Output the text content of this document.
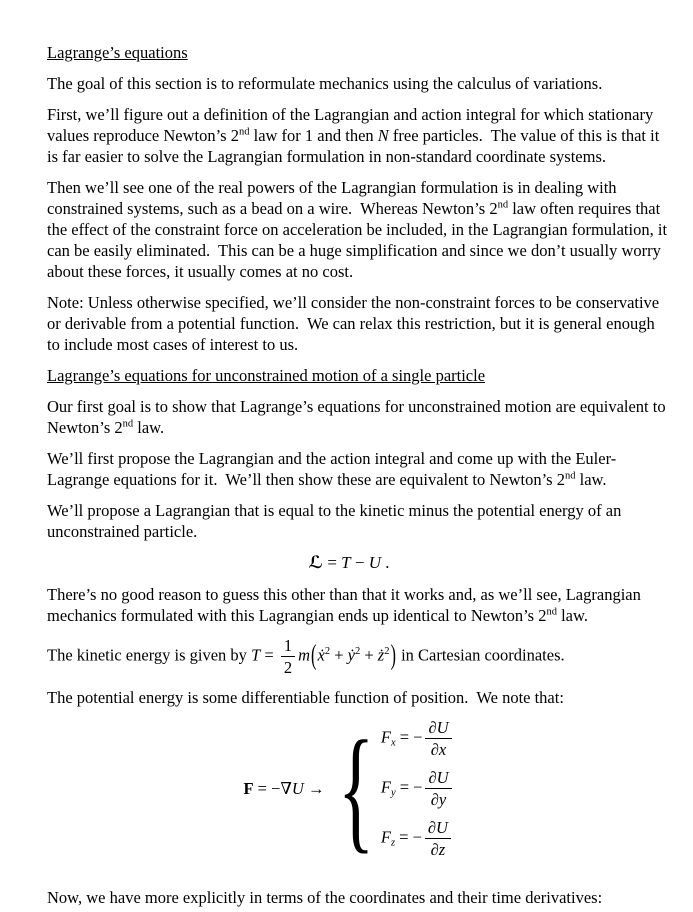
Lagrange’s equations

The goal of this section is to reformulate mechanics using the calculus of variations.

First, we’ll figure out a definition of the Lagrangian and action integral for which stationary values reproduce Newton’s 2nd law for 1 and then N free particles.  The value of this is that it is far easier to solve the Lagrangian formulation in non-standard coordinate systems.

Then we’ll see one of the real powers of the Lagrangian formulation is in dealing with constrained systems, such as a bead on a wire.  Whereas Newton’s 2nd law often requires that the effect of the constraint force on acceleration be included, in the Lagrangian formulation, it can be easily eliminated.  This can be a huge simplification and since we don’t usually worry about these forces, it usually comes at no cost.

Note: Unless otherwise specified, we’ll consider the non-constraint forces to be conservative or derivable from a potential function.  We can relax this restriction, but it is general enough to include most cases of interest to us.

Lagrange’s equations for unconstrained motion of a single particle

Our first goal is to show that Lagrange’s equations for unconstrained motion are equivalent to Newton’s 2nd law.

We’ll first propose the Lagrangian and the action integral and come up with the Euler-Lagrange equations for it.  We’ll then show these are equivalent to Newton’s 2nd law.

We’ll propose a Lagrangian that is equal to the kinetic minus the potential energy of an unconstrained particle.

ℒ = T − U .

There’s no good reason to guess this other than that it works and, as we’ll see, Lagrangian mechanics formulated with this Lagrangian ends up identical to Newton’s 2nd law.

The kinetic energy is given by $T = \frac{1}{2}$ m(ẋ$^2$ + ẏ$^2$ + $ż^2$) in Cartesian coordinates.

The potential energy is some differentiable function of position.  We note that:

F = −∇U → { $F_x$ = − $\frac{\partial U}{\partial x}$
$F_y$ = − $\frac{\partial U}{\partial y}$
$F_z$ = − $\frac{\partial U}{\partial z}$

Now, we have more explicitly in terms of the coordinates and their time derivatives:
